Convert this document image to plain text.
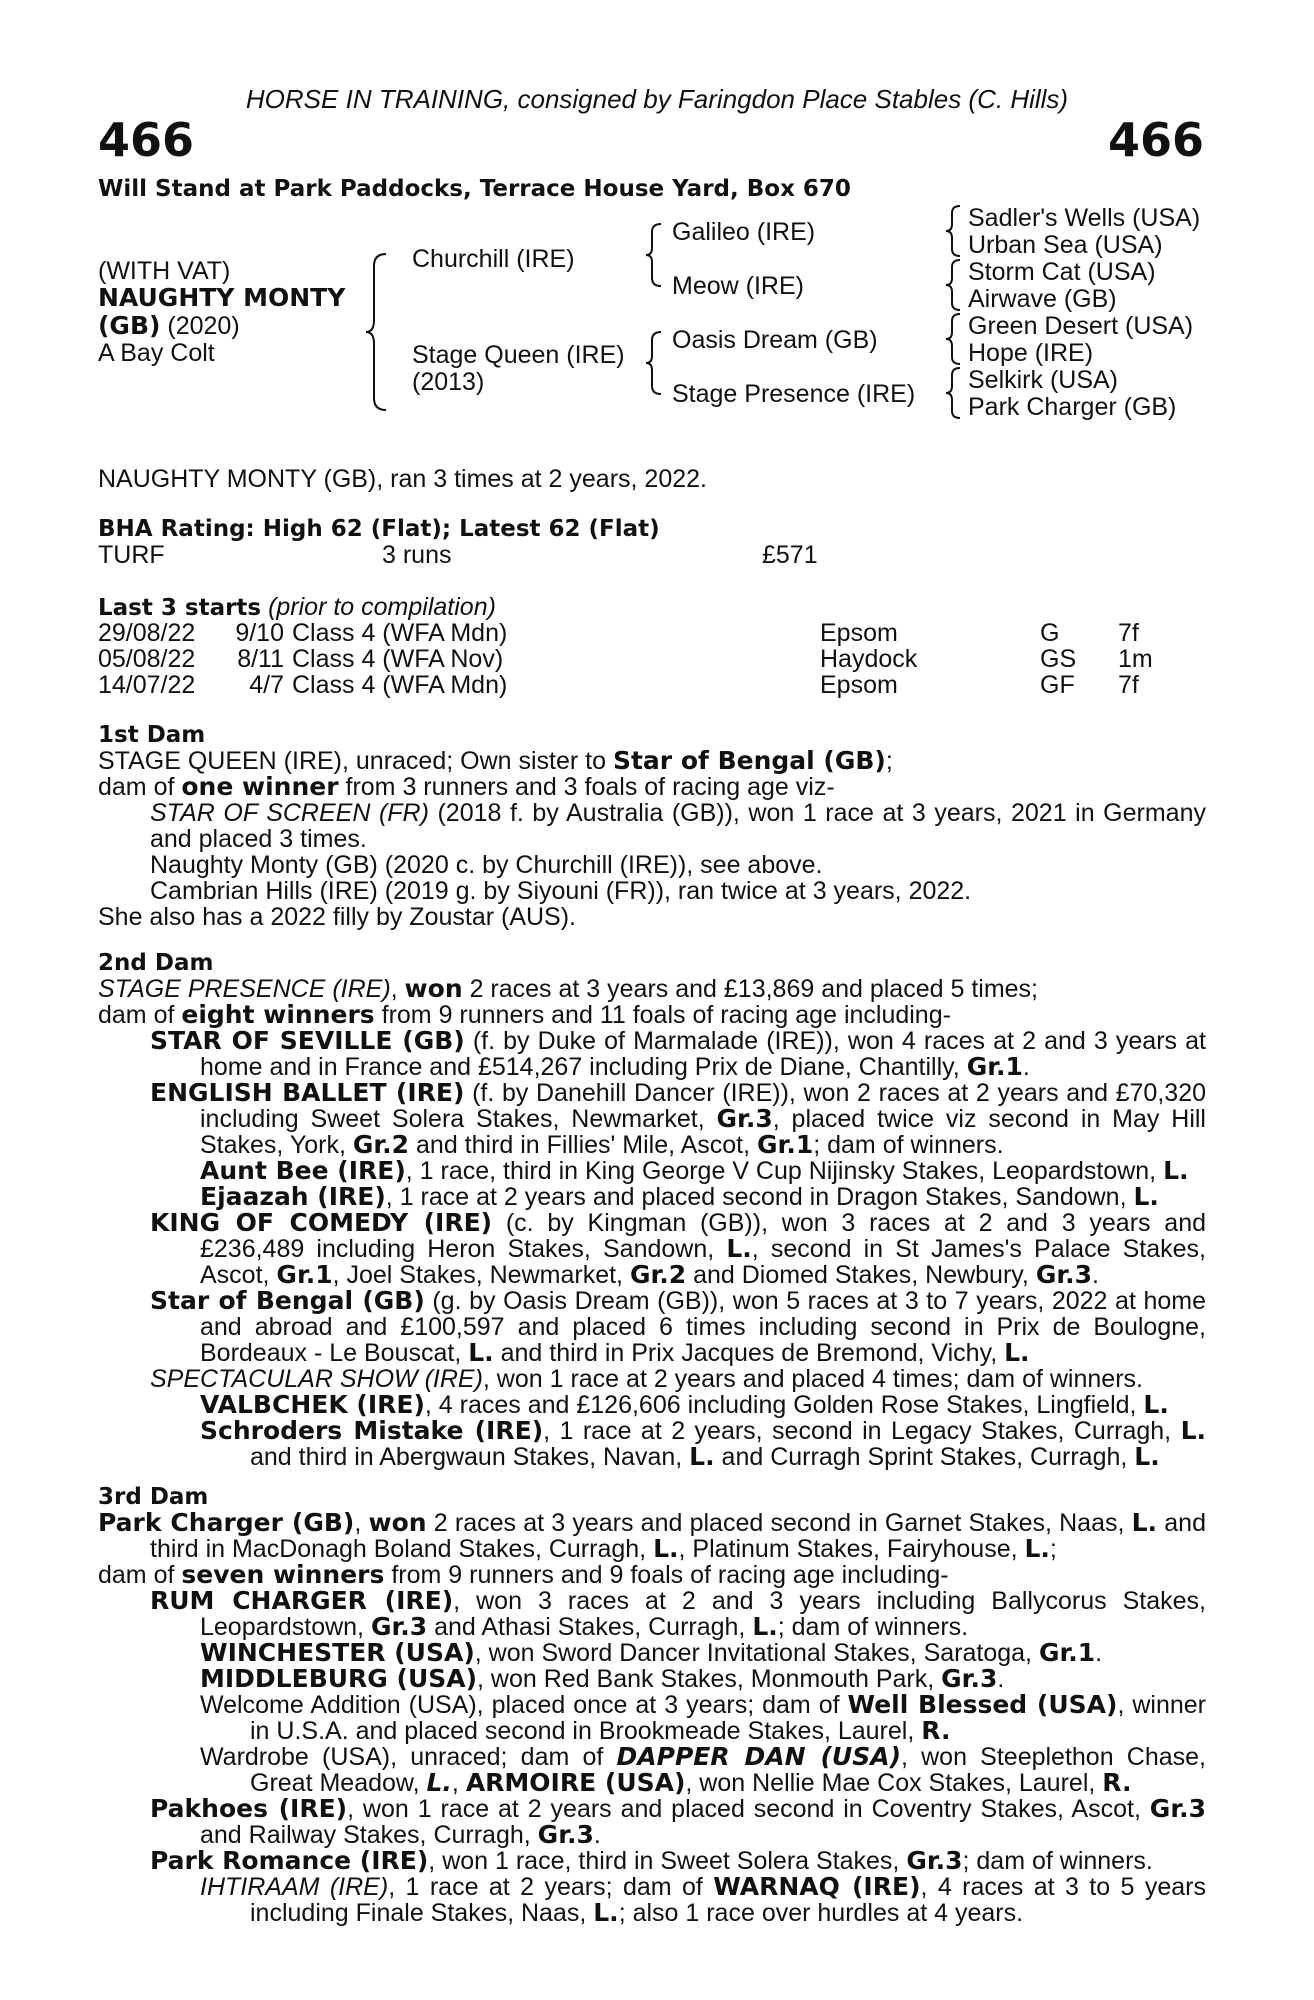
HORSE IN TRAINING, consigned by Faringdon Place Stables (C. Hills)
466	466
Will Stand at Park Paddocks, Terrace House Yard, Box 670
(WITH VAT)
NAUGHTY MONTY
(GB) (2020)
A Bay Colt
Churchill (IRE)
Stage Queen (IRE)
(2013)
Galileo (IRE)
Meow (IRE)
Oasis Dream (GB)
Stage Presence (IRE)
Sadler's Wells (USA)
Urban Sea (USA)
Storm Cat (USA)
Airwave (GB)
Green Desert (USA)
Hope (IRE)
Selkirk (USA)
Park Charger (GB)
NAUGHTY MONTY (GB), ran 3 times at 2 years, 2022.
BHA Rating: High 62 (Flat); Latest 62 (Flat)
TURF	3 runs	£571
Last 3 starts (prior to compilation)
29/08/22	9/10 Class 4 (WFA Mdn)	Epsom	G 7f
05/08/22	8/11 Class 4 (WFA Nov)	Haydock	GS 1m
14/07/22	4/7 Class 4 (WFA Mdn)	Epsom	GF 7f

1st Dam

STAGE QUEEN (IRE), unraced; Own sister to Star of Bengal (GB);

dam of one winner from 3 runners and 3 foals of racing age viz-

STAR OF SCREEN (FR) (2018 f. by Australia (GB)), won 1 race at 3 years, 2021 in Germany and placed 3 times.

Naughty Monty (GB) (2020 c. by Churchill (IRE)), see above.

Cambrian Hills (IRE) (2019 g. by Siyouni (FR)), ran twice at 3 years, 2022.

She also has a 2022 filly by Zoustar (AUS).

2nd Dam

STAGE PRESENCE (IRE), won 2 races at 3 years and £13,869 and placed 5 times;

dam of eight winners from 9 runners and 11 foals of racing age including-

STAR OF SEVILLE (GB) (f. by Duke of Marmalade (IRE)), won 4 races at 2 and 3 years at home and in France and £514,267 including Prix de Diane, Chantilly, Gr.1.

ENGLISH BALLET (IRE) (f. by Danehill Dancer (IRE)), won 2 races at 2 years and £70,320 including Sweet Solera Stakes, Newmarket, Gr.3, placed twice viz second in May Hill Stakes, York, Gr.2 and third in Fillies' Mile, Ascot, Gr.1; dam of winners.

Aunt Bee (IRE), 1 race, third in King George V Cup Nijinsky Stakes, Leopardstown, L.

Ejaazah (IRE), 1 race at 2 years and placed second in Dragon Stakes, Sandown, L.

KING OF COMEDY (IRE) (c. by Kingman (GB)), won 3 races at 2 and 3 years and £236,489 including Heron Stakes, Sandown, L., second in St James's Palace Stakes, Ascot, Gr.1, Joel Stakes, Newmarket, Gr.2 and Diomed Stakes, Newbury, Gr.3.

Star of Bengal (GB) (g. by Oasis Dream (GB)), won 5 races at 3 to 7 years, 2022 at home and abroad and £100,597 and placed 6 times including second in Prix de Boulogne, Bordeaux - Le Bouscat, L. and third in Prix Jacques de Bremond, Vichy, L.

SPECTACULAR SHOW (IRE), won 1 race at 2 years and placed 4 times; dam of winners.

VALBCHEK (IRE), 4 races and £126,606 including Golden Rose Stakes, Lingfield, L.

Schroders Mistake (IRE), 1 race at 2 years, second in Legacy Stakes, Curragh, L. and third in Abergwaun Stakes, Navan, L. and Curragh Sprint Stakes, Curragh, L.

3rd Dam

Park Charger (GB), won 2 races at 3 years and placed second in Garnet Stakes, Naas, L. and third in MacDonagh Boland Stakes, Curragh, L., Platinum Stakes, Fairyhouse, L.;

dam of seven winners from 9 runners and 9 foals of racing age including-

RUM CHARGER (IRE), won 3 races at 2 and 3 years including Ballycorus Stakes, Leopardstown, Gr.3 and Athasi Stakes, Curragh, L.; dam of winners.

WINCHESTER (USA), won Sword Dancer Invitational Stakes, Saratoga, Gr.1.

MIDDLEBURG (USA), won Red Bank Stakes, Monmouth Park, Gr.3.

Welcome Addition (USA), placed once at 3 years; dam of Well Blessed (USA), winner in U.S.A. and placed second in Brookmeade Stakes, Laurel, R.

Wardrobe (USA), unraced; dam of DAPPER DAN (USA), won Steeplethon Chase, Great Meadow, L., ARMOIRE (USA), won Nellie Mae Cox Stakes, Laurel, R.

Pakhoes (IRE), won 1 race at 2 years and placed second in Coventry Stakes, Ascot, Gr.3 and Railway Stakes, Curragh, Gr.3.

Park Romance (IRE), won 1 race, third in Sweet Solera Stakes, Gr.3; dam of winners.

IHTIRAAM (IRE), 1 race at 2 years; dam of WARNAQ (IRE), 4 races at 3 to 5 years including Finale Stakes, Naas, L.; also 1 race over hurdles at 4 years.
